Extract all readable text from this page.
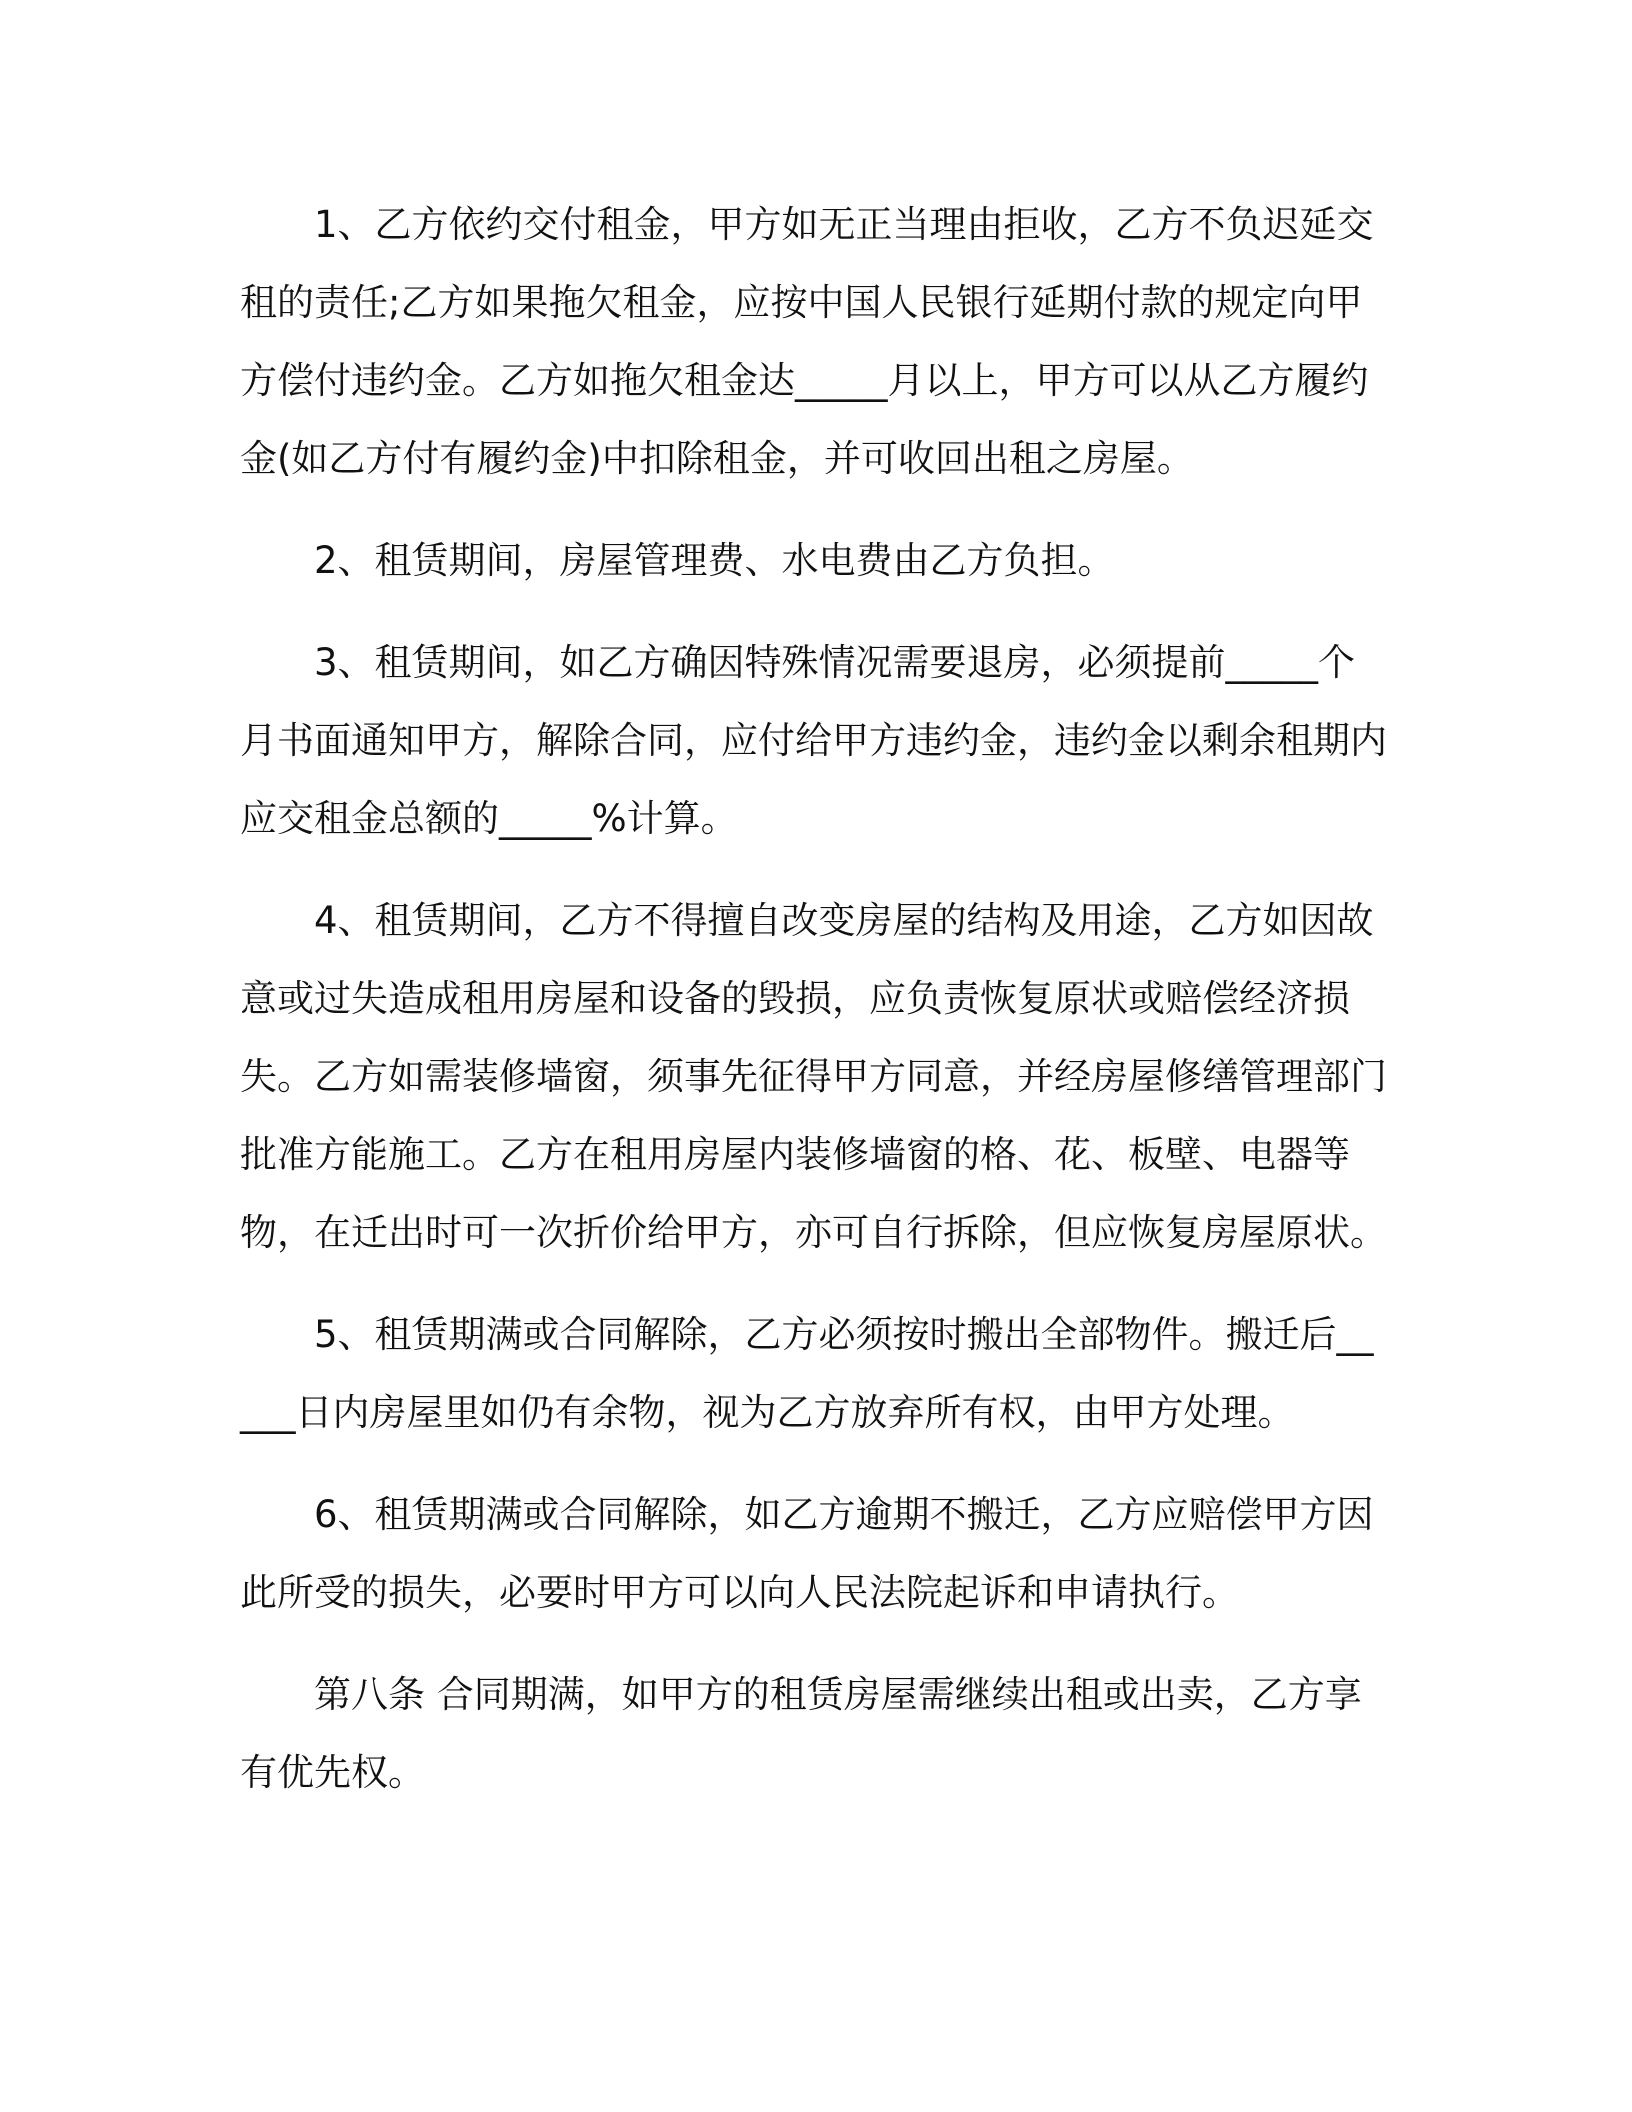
1、乙方依约交付租金，甲方如无正当理由拒收，乙方不负迟延交租的责任;乙方如果拖欠租金，应按中国人民银行延期付款的规定向甲方偿付违约金。乙方如拖欠租金达_____月以上，甲方可以从乙方履约金(如乙方付有履约金)中扣除租金，并可收回出租之房屋。

2、租赁期间，房屋管理费、水电费由乙方负担。

3、租赁期间，如乙方确因特殊情况需要退房，必须提前_____个月书面通知甲方，解除合同，应付给甲方违约金，违约金以剩余租期内应交租金总额的_____%计算。

4、租赁期间，乙方不得擅自改变房屋的结构及用途，乙方如因故意或过失造成租用房屋和设备的毁损，应负责恢复原状或赔偿经济损失。乙方如需装修墙窗，须事先征得甲方同意，并经房屋修缮管理部门批准方能施工。乙方在租用房屋内装修墙窗的格、花、板壁、电器等物，在迁出时可一次折价给甲方，亦可自行拆除，但应恢复房屋原状。

5、租赁期满或合同解除，乙方必须按时搬出全部物件。搬迁后_____日内房屋里如仍有余物，视为乙方放弃所有权，由甲方处理。

6、租赁期满或合同解除，如乙方逾期不搬迁，乙方应赔偿甲方因此所受的损失，必要时甲方可以向人民法院起诉和申请执行。

第八条 合同期满，如甲方的租赁房屋需继续出租或出卖，乙方享有优先权。
